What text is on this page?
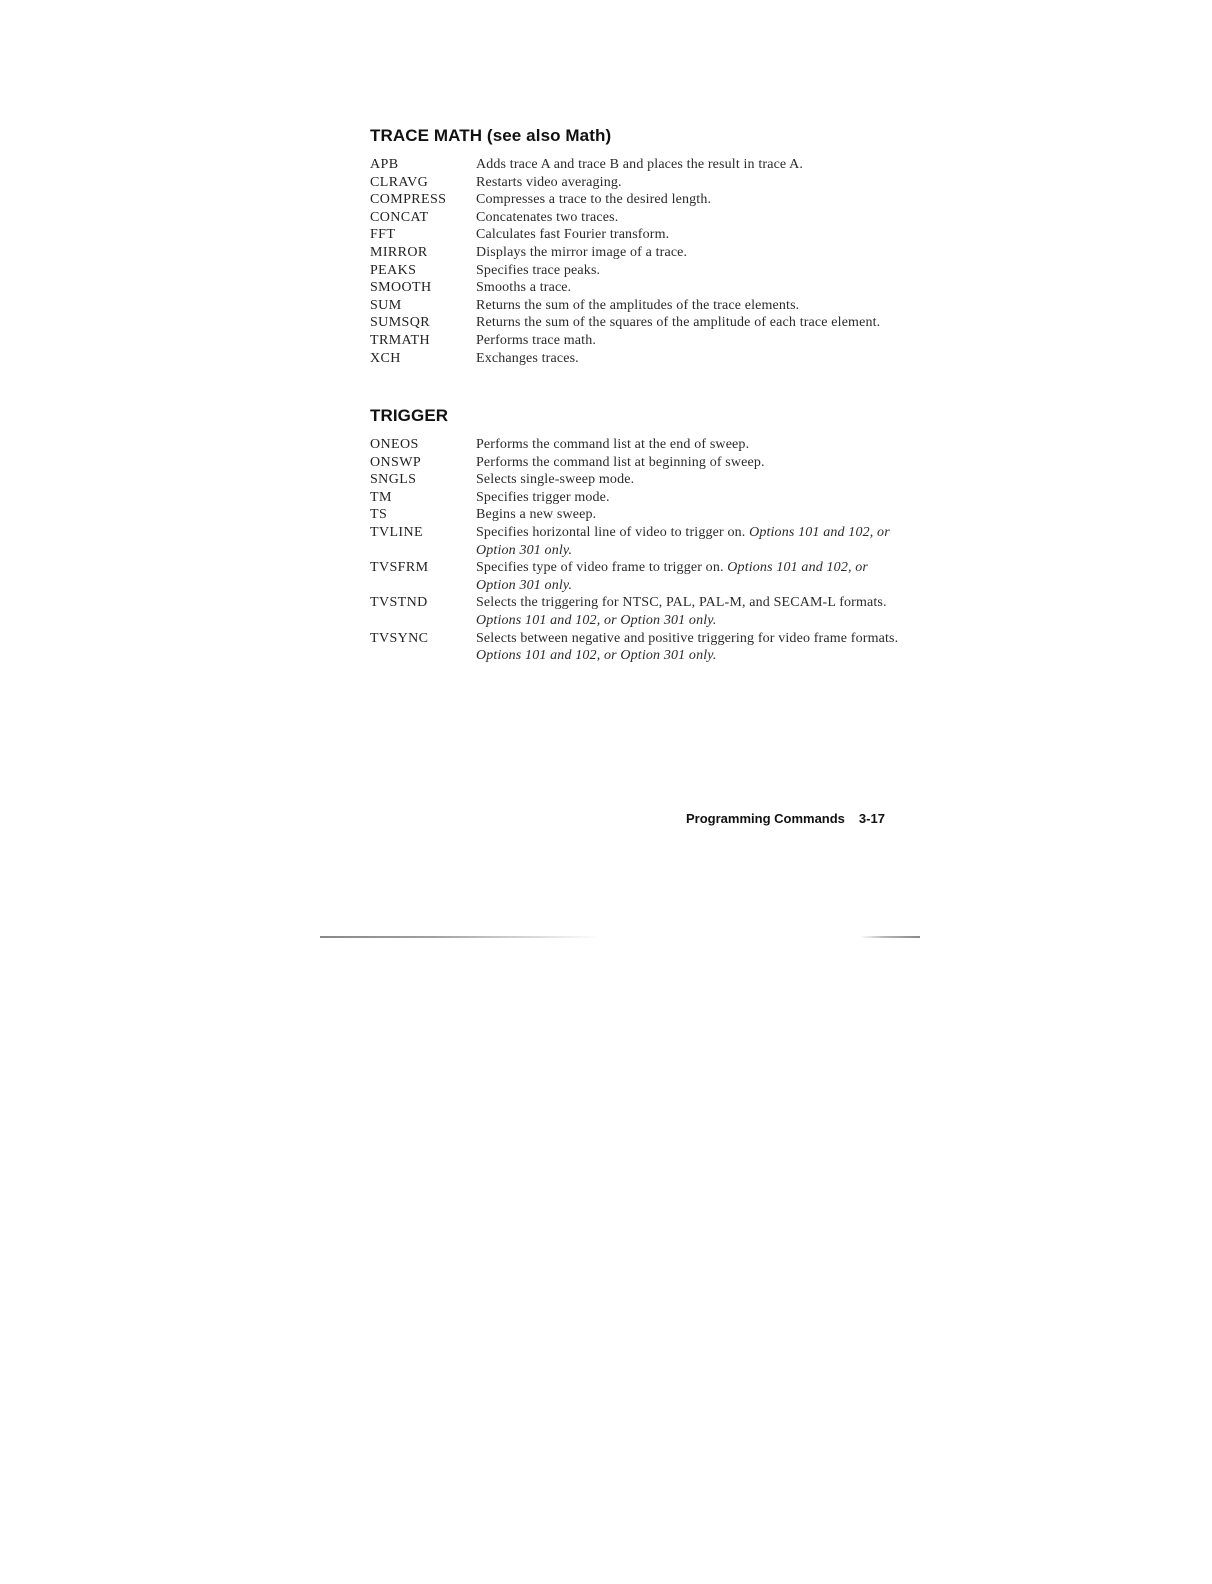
TRACE MATH (see also Math)
APB	Adds trace A and trace B and places the result in trace A.
CLRAVG	Restarts video averaging.
COMPRESS	Compresses a trace to the desired length.
CONCAT	Concatenates two traces.
FFT	Calculates fast Fourier transform.
MIRROR	Displays the mirror image of a trace.
PEAKS	Specifies trace peaks.
SMOOTH	Smooths a trace.
SUM	Returns the sum of the amplitudes of the trace elements.
SUMSQR	Returns the sum of the squares of the amplitude of each trace element.
TRMATH	Performs trace math.
XCH	Exchanges traces.
TRIGGER
ONEOS	Performs the command list at the end of sweep.
ONSWP	Performs the command list at beginning of sweep.
SNGLS	Selects single-sweep mode.
TM	Specifies trigger mode.
TS	Begins a new sweep.
TVLINE	Specifies horizontal line of video to trigger on. Options 101 and 102, or Option 301 only.
TVSFRM	Specifies type of video frame to trigger on. Options 101 and 102, or Option 301 only.
TVSTND	Selects the triggering for NTSC, PAL, PAL-M, and SECAM-L formats. Options 101 and 102, or Option 301 only.
TVSYNC	Selects between negative and positive triggering for video frame formats. Options 101 and 102, or Option 301 only.
Programming Commands 3-17
